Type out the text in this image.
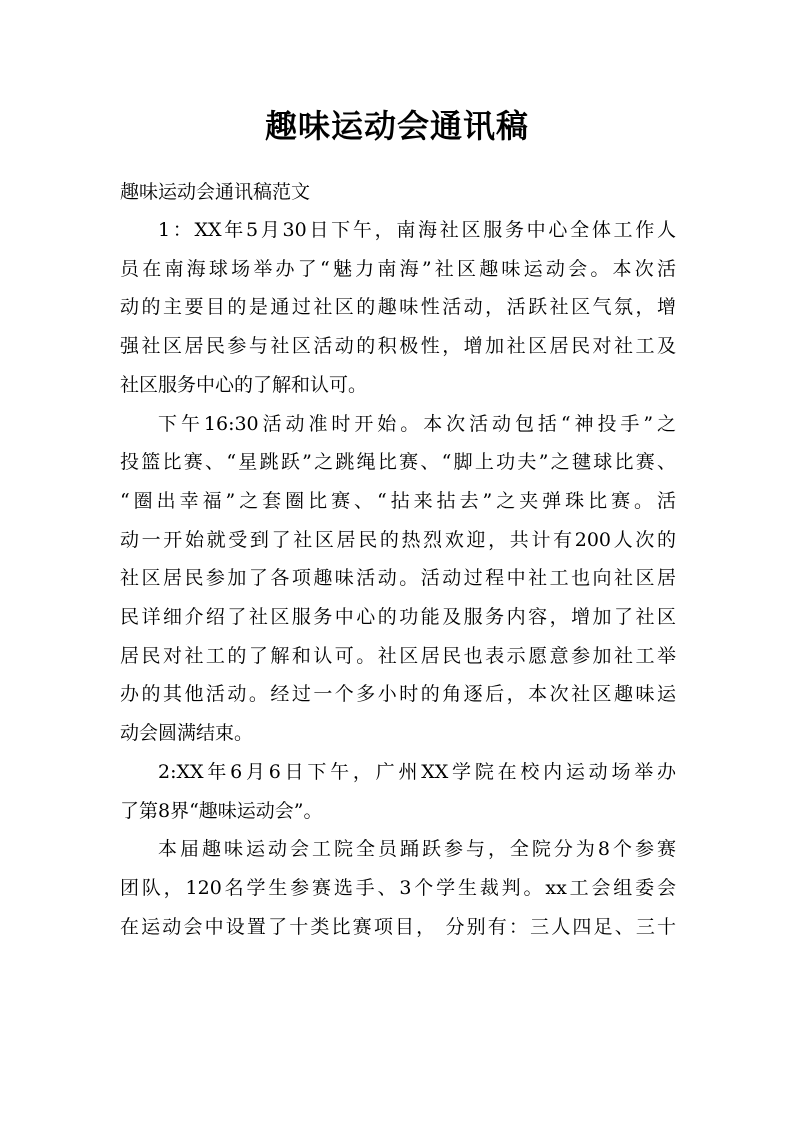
趣味运动会通讯稿

趣味运动会通讯稿范文

1：XX年5月30日下午，南海社区服务中心全体工作人
员在南海球场举办了“魅力南海”社区趣味运动会。本次活
动的主要目的是通过社区的趣味性活动，活跃社区气氛，增
强社区居民参与社区活动的积极性，增加社区居民对社工及
社区服务中心的了解和认可。

下午16:30活动准时开始。本次活动包括“神投手”之
投篮比赛、“星跳跃”之跳绳比赛、“脚上功夫”之毽球比赛、
“圈出幸福”之套圈比赛、“拈来拈去”之夹弹珠比赛。活
动一开始就受到了社区居民的热烈欢迎，共计有200人次的
社区居民参加了各项趣味活动。活动过程中社工也向社区居
民详细介绍了社区服务中心的功能及服务内容，增加了社区
居民对社工的了解和认可。社区居民也表示愿意参加社工举
办的其他活动。经过一个多小时的角逐后，本次社区趣味运
动会圆满结束。

2:XX年6月6日下午，广州XX学院在校内运动场举办
了第8界“趣味运动会”。

本届趣味运动会工院全员踊跃参与，全院分为8个参赛
团队，120名学生参赛选手、3个学生裁判。xx工会组委会
在运动会中设置了十类比赛项目， 分别有：三人四足、三十
